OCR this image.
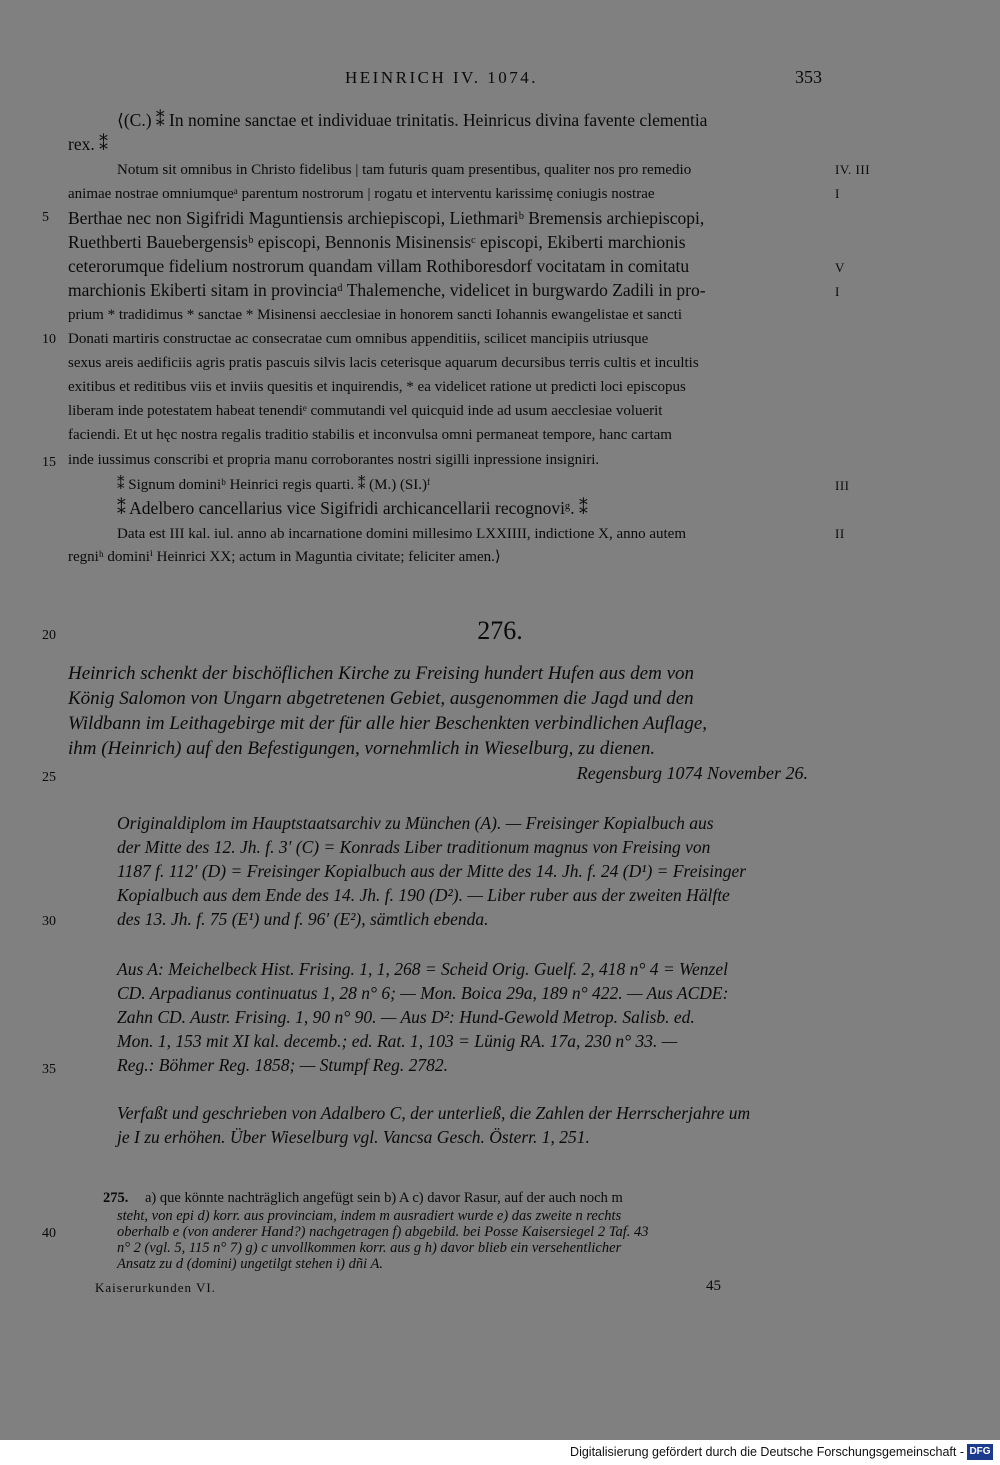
HEINRICH IV. 1074.	353
⟨(C.) ⁑ In nomine sanctae et individuae trinitatis. Heinricus divina favente clementia
rex. ⁑
Notum sit omnibus in Christo fidelibus | tam futuris quam presentibus, qualiter nos pro remedio	IV. III
animae nostrae omniumqueᵃ parentum nostrorum | rogatu et interventu karissimę coniugis nostrae	I
5 Berthae nec non Sigifridi Maguntiensis archiepiscopi, Liethmariᵇ Bremensis archiepiscopi,
Ruethberti Bauebergensisᵇ episcopi, Bennonis Misinensisᶜ episcopi, Ekiberti marchionis
ceterorumque fidelium nostrorum quandam villam Rothiboresdorf vocitatam in comitatu	V
marchionis Ekiberti sitam in provinciaᵈ Thalemenche, videlicet in burgwardo Zadili in pro-	I
prium * tradidimus * sanctae * Misinensi aecclesiae in honorem sancti Iohannis ewangelistae et sancti
10 Donati martiris constructae ac consecratae cum omnibus appenditiis, scilicet mancipiis utriusque
sexus areis aedificiis agris pratis pascuis silvis lacis ceterisque aquarum decursibus terris cultis et incultis
exitibus et reditibus viis et inviis quesitis et inquirendis, * ea videlicet ratione ut predicti loci episcopus
liberam inde potestatem habeat tenendiᵉ commutandi vel quicquid inde ad usum aecclesiae voluerit
faciendi. Et ut hęc nostra regalis traditio stabilis et inconvulsa omni permaneat tempore, hanc cartam
15 inde iussimus conscribi et propria manu corroborantes nostri sigilli inpressione insigniri.
⁑ Signum dominiᵇ Heinrici regis quarti. ⁑ (M.) (SI.)ᶠ	III
⁑ Adelbero cancellarius vice Sigifridi archicancellarii recognoviᵍ. ⁑
Data est III kal. iul. anno ab incarnatione domini millesimo LXXIIII, indictione X, anno autem	II
regniʰ dominiⁱ Heinrici XX; actum in Maguntia civitate; feliciter amen.⟩
20	276.
Heinrich schenkt der bischöflichen Kirche zu Freising hundert Hufen aus dem von
König Salomon von Ungarn abgetretenen Gebiet, ausgenommen die Jagd und den
Wildbann im Leithagebirge mit der für alle hier Beschenkten verbindlichen Auflage,
ihm (Heinrich) auf den Befestigungen, vornehmlich in Wieselburg, zu dienen.
25	Regensburg 1074 November 26.
Originaldiplom im Hauptstaatsarchiv zu München (A). — Freisinger Kopialbuch aus
der Mitte des 12. Jh. f. 3′ (C) = Konrads Liber traditionum magnus von Freising von
1187 f. 112′ (D) = Freisinger Kopialbuch aus der Mitte des 14. Jh. f. 24 (D¹) = Freisinger
Kopialbuch aus dem Ende des 14. Jh. f. 190 (D²). — Liber ruber aus der zweiten Hälfte
30	des 13. Jh. f. 75 (E¹) und f. 96′ (E²), sämtlich ebenda.
Aus A: Meichelbeck Hist. Frising. 1, 1, 268 = Scheid Orig. Guelf. 2, 418 n° 4 = Wenzel
CD. Arpadianus continuatus 1, 28 n° 6; — Mon. Boica 29a, 189 n° 422. — Aus ACDE:
Zahn CD. Austr. Frising. 1, 90 n° 90. — Aus D²: Hund-Gewold Metrop. Salisb. ed.
Mon. 1, 153 mit XI kal. decemb.; ed. Rat. 1, 103 = Lünig RA. 17a, 230 n° 33. —
35	Reg.: Böhmer Reg. 1858; — Stumpf Reg. 2782.
Verfaßt und geschrieben von Adalbero C, der unterließ, die Zahlen der Herrscherjahre um
je I zu erhöhen. Über Wieselburg vgl. Vancsa Gesch. Österr. 1, 251.
275. a) que könnte nachträglich angefügt sein b) A c) davor Rasur, auf der auch noch m
steht, von epi d) korr. aus provinciam, indem m ausradiert wurde e) das zweite n rechts
40	oberhalb e (von anderer Hand?) nachgetragen f) abgebild. bei Posse Kaisersiegel 2 Taf. 43
n° 2 (vgl. 5, 115 n° 7) g) c unvollkommen korr. aus g h) davor blieb ein versehentlicher
Ansatz zu d (domini) ungetilgt stehen i) dñi A.
Kaiserurkunden VI.	45
Digitalisierung gefördert durch die Deutsche Forschungsgemeinschaft - DFG
